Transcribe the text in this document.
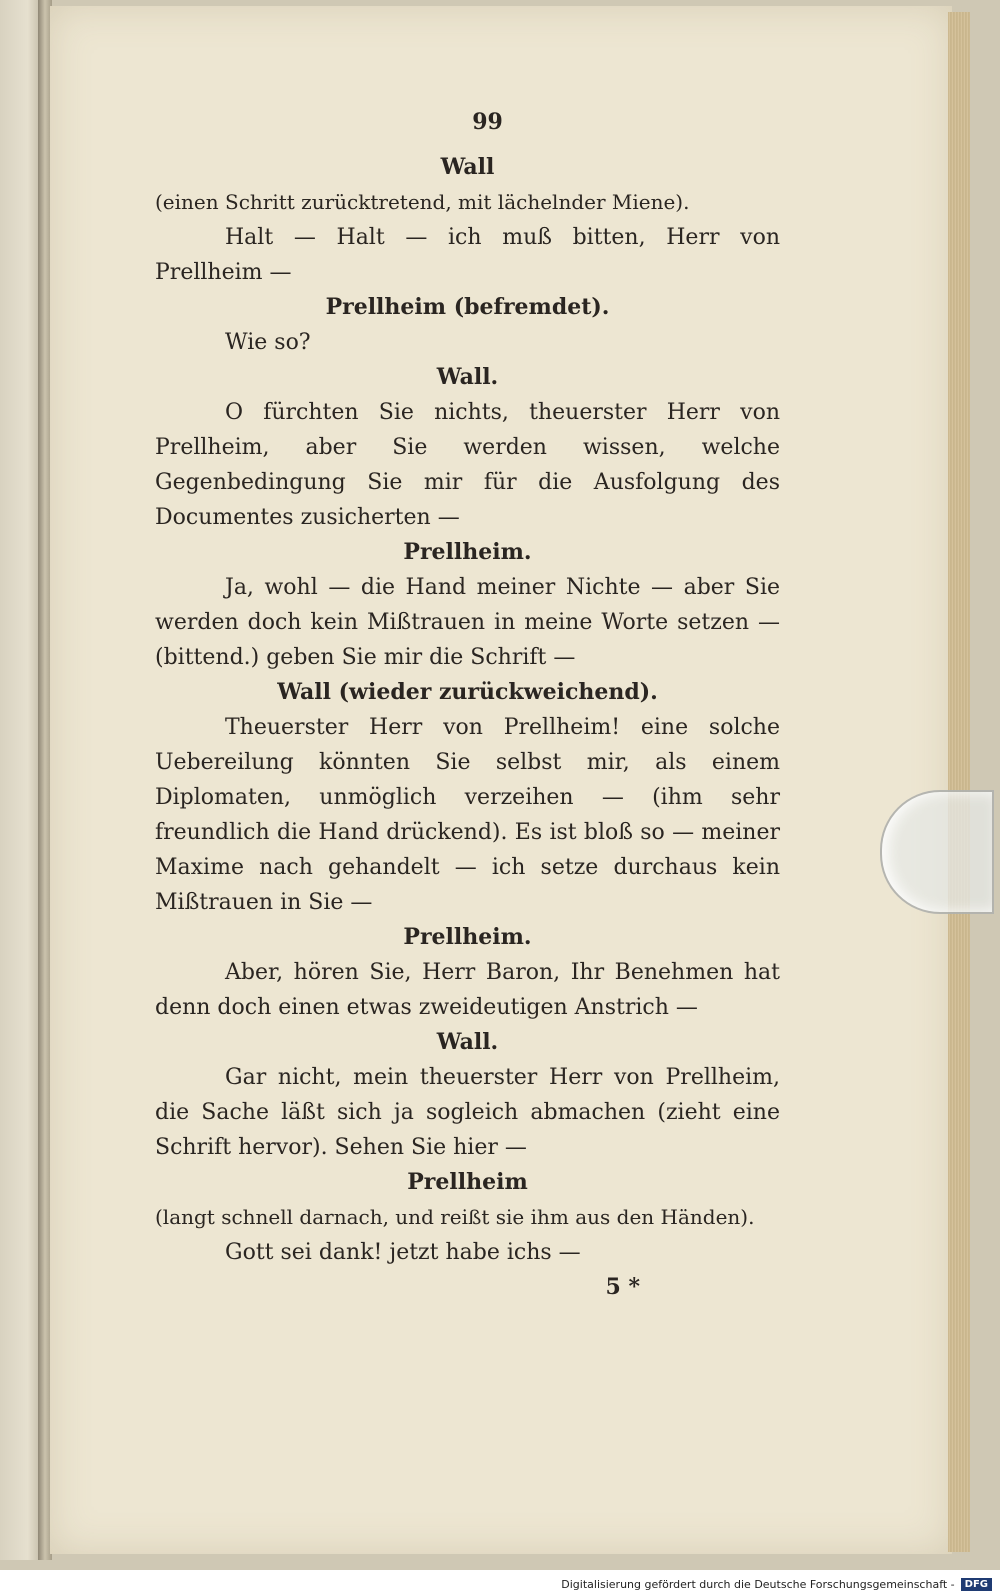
99
Wall
(einen Schritt zurücktretend, mit lächelnder Miene).

Halt — Halt — ich muß bitten, Herr von Prellheim —

Prellheim (befremdet).

Wie so?

Wall.

O fürchten Sie nichts, theuerster Herr von Prellheim, aber Sie werden wissen, welche Gegenbedingung Sie mir für die Ausfolgung des Documentes zusicherten —

Prellheim.

Ja, wohl — die Hand meiner Nichte — aber Sie werden doch kein Mißtrauen in meine Worte setzen — (bittend.) geben Sie mir die Schrift —

Wall (wieder zurückweichend).

Theuerster Herr von Prellheim! eine solche Uebereilung könnten Sie selbst mir, als einem Diplomaten, unmöglich verzeihen — (ihm sehr freundlich die Hand drückend). Es ist bloß so — meiner Maxime nach gehandelt — ich setze durchaus kein Mißtrauen in Sie —

Prellheim.

Aber, hören Sie, Herr Baron, Ihr Benehmen hat denn doch einen etwas zweideutigen Anstrich —

Wall.

Gar nicht, mein theuerster Herr von Prellheim, die Sache läßt sich ja sogleich abmachen (zieht eine Schrift hervor). Sehen Sie hier —

Prellheim
(langt schnell darnach, und reißt sie ihm aus den Händen).

Gott sei dank! jetzt habe ichs —

5 *
Digitalisierung gefördert durch die Deutsche Forschungsgemeinschaft -	DFG
